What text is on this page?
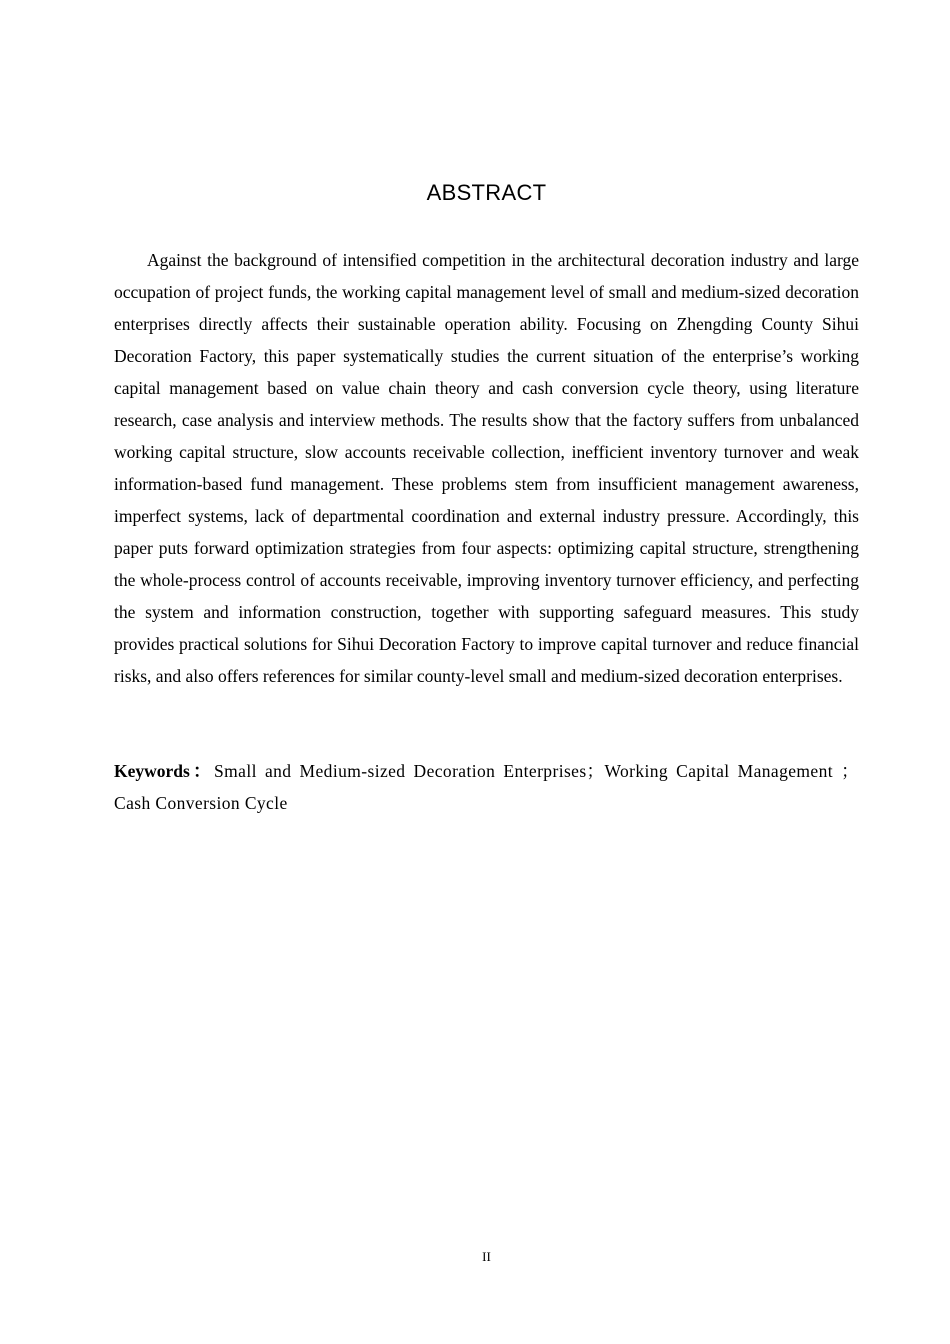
ABSTRACT

Against the background of intensified competition in the architectural decoration industry and large occupation of project funds, the working capital management level of small and medium-sized decoration enterprises directly affects their sustainable operation ability. Focusing on Zhengding County Sihui Decoration Factory, this paper systematically studies the current situation of the enterprise’s working capital management based on value chain theory and cash conversion cycle theory, using literature research, case analysis and interview methods. The results show that the factory suffers from unbalanced working capital structure, slow accounts receivable collection, inefficient inventory turnover and weak information-based fund management. These problems stem from insufficient management awareness, imperfect systems, lack of departmental coordination and external industry pressure. Accordingly, this paper puts forward optimization strategies from four aspects: optimizing capital structure, strengthening the whole-process control of accounts receivable, improving inventory turnover efficiency, and perfecting the system and information construction, together with supporting safeguard measures. This study provides practical solutions for Sihui Decoration Factory to improve capital turnover and reduce financial risks, and also offers references for similar county-level small and medium-sized decoration enterprises.

Keywords：Small and Medium-sized Decoration Enterprises；Working Capital Management ；Cash Conversion Cycle

II
